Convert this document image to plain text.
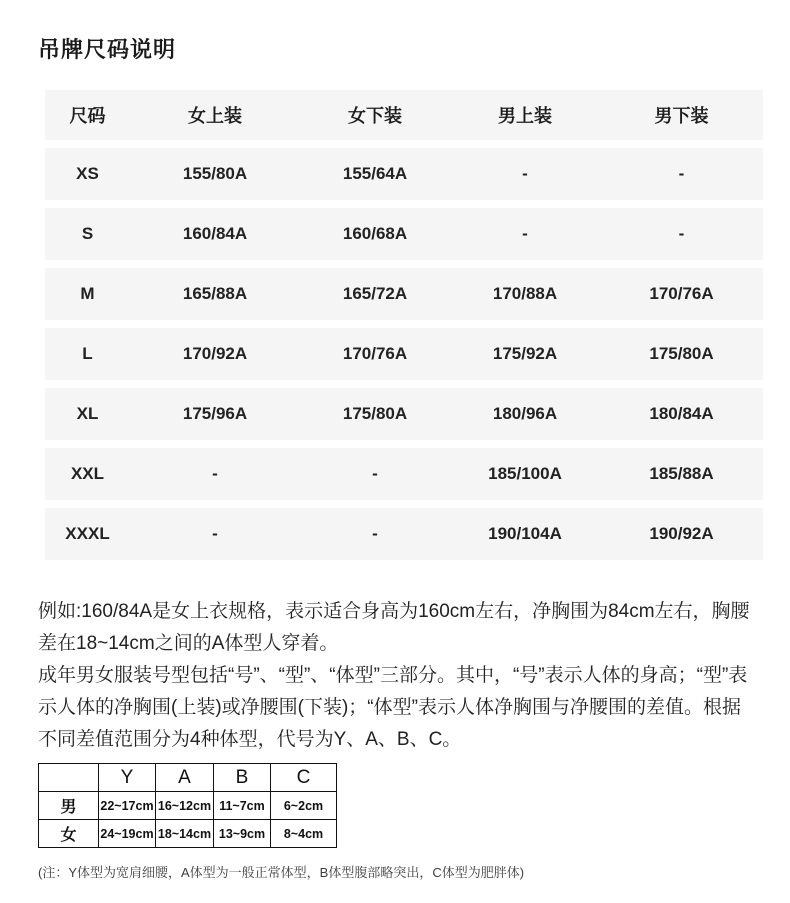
吊牌尺码说明
尺码	女上装	女下装	男上装	男下装
XS	155/80A	155/64A	-	-
S	160/84A	160/68A	-	-
M	165/88A	165/72A	170/88A	170/76A
L	170/92A	170/76A	175/92A	175/80A
XL	175/96A	175/80A	180/96A	180/84A
XXL	-	-	185/100A	185/88A
XXXL	-	-	190/104A	190/92A

例如:160/84A是女上衣规格，表示适合身高为160cm左右，净胸围为84cm左右，胸腰差在18~14cm之间的A体型人穿着。

成年男女服装号型包括“号”、“型”、“体型”三部分。其中，“号”表示人体的身高；“型”表示人体的净胸围(上装)或净腰围(下装)；“体型”表示人体净胸围与净腰围的差值。根据不同差值范围分为4种体型，代号为Y、A、B、C。

	Y	A	B	C
男	22~17cm	16~12cm	11~7cm	6~2cm
女	24~19cm	18~14cm	13~9cm	8~4cm

(注：Y体型为宽肩细腰，A体型为一般正常体型，B体型腹部略突出，C体型为肥胖体)
